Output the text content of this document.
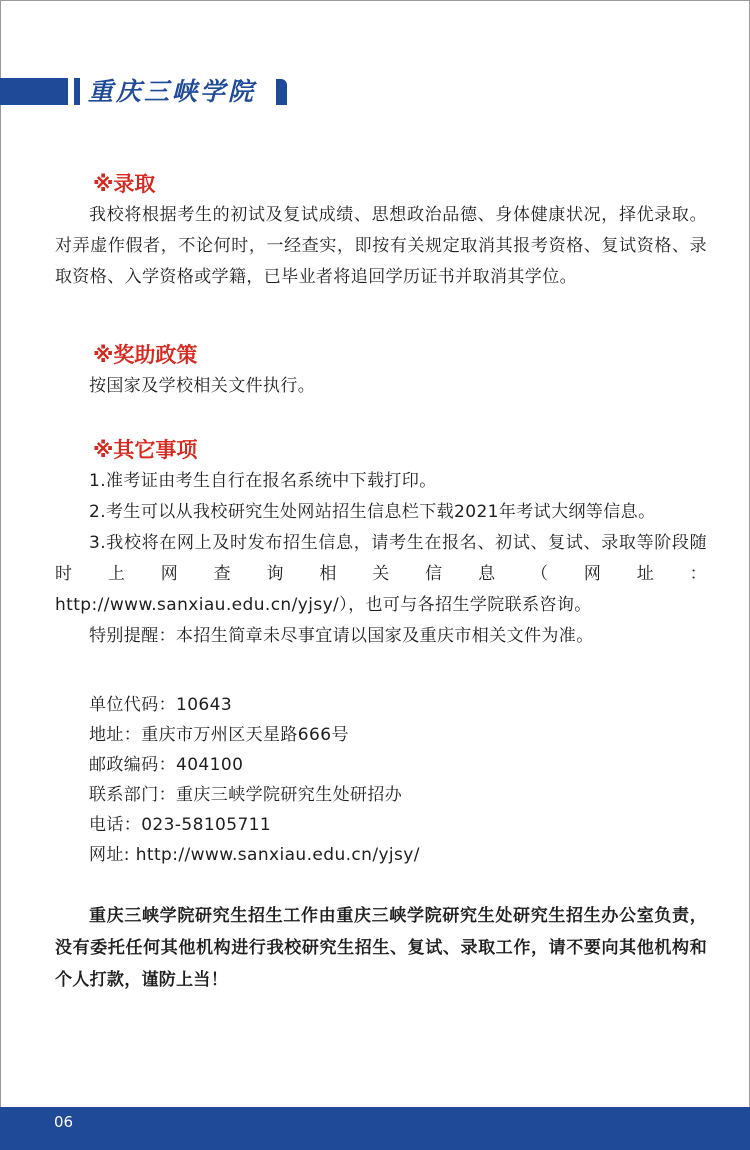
重庆三峡学院
※录取

我校将根据考生的初试及复试成绩、思想政治品德、身体健康状况，择优录取。对弄虚作假者，不论何时，一经查实，即按有关规定取消其报考资格、复试资格、录取资格、入学资格或学籍，已毕业者将追回学历证书并取消其学位。

※奖助政策

按国家及学校相关文件执行。

※其它事项

1.准考证由考生自行在报名系统中下载打印。

2.考生可以从我校研究生处网站招生信息栏下载2021年考试大纲等信息。

3.我校将在网上及时发布招生信息，请考生在报名、初试、复试、录取等阶段随时上网查询相关信息（网址：

http://www.sanxiau.edu.cn/yjsy/），也可与各招生学院联系咨询。

特别提醒：本招生简章未尽事宜请以国家及重庆市相关文件为准。

单位代码：10643

地址：重庆市万州区天星路666号

邮政编码：404100

联系部门：重庆三峡学院研究生处研招办

电话：023-58105711

网址: http://www.sanxiau.edu.cn/yjsy/

重庆三峡学院研究生招生工作由重庆三峡学院研究生处研究生招生办公室负责，没有委托任何其他机构进行我校研究生招生、复试、录取工作，请不要向其他机构和个人打款，谨防上当！

06
